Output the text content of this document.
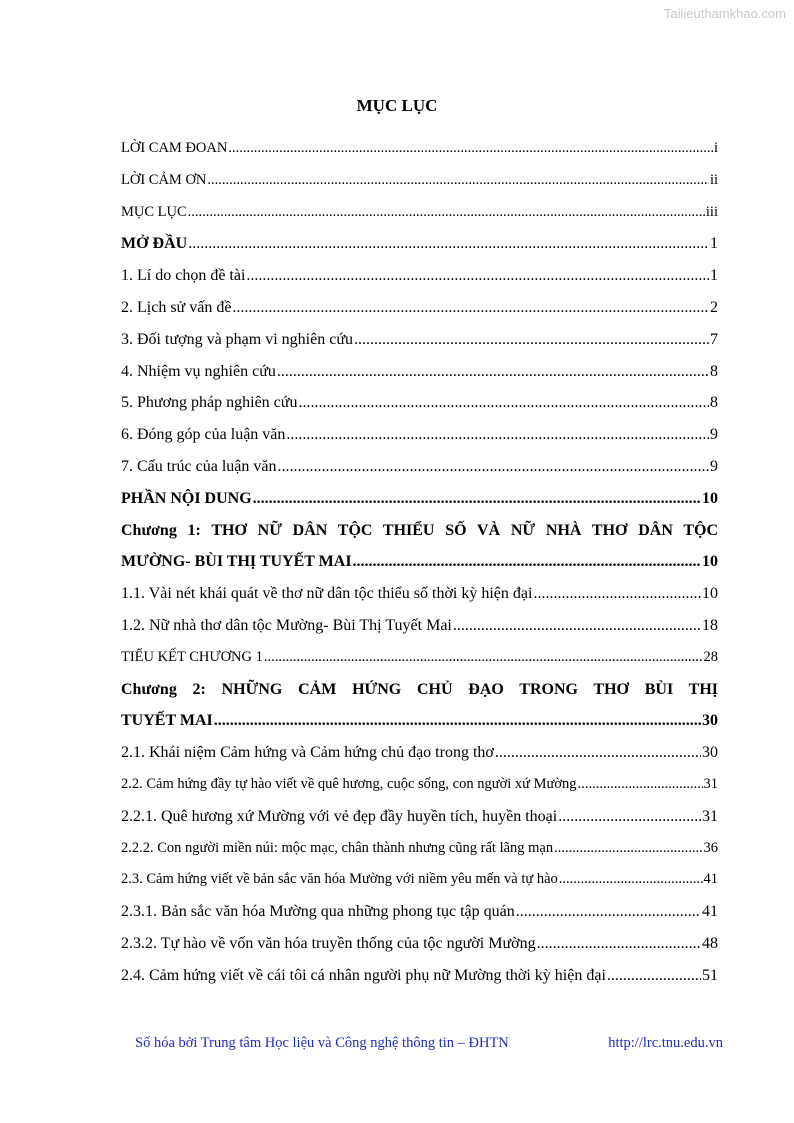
Tailieuthamkhao.com
MỤC LỤC
LỜI CAM ĐOAN .....	i
LỜI CẢM ƠN .....	ii
MỤC LỤC .....	iii
MỞ ĐẦU .....	1
1. Lí do chọn đề tài .....	1
2. Lịch sử vấn đề .....	2
3. Đối tượng và phạm vi nghiên cứu .....	7
4. Nhiệm vụ nghiên cứu .....	8
5. Phương pháp nghiên cứu .....	8
6. Đóng góp của luận văn .....	9
7. Cấu trúc của luận văn .....	9
PHẦN NỘI DUNG .....	10
Chương 1: THƠ NỮ DÂN TỘC THIỂU SỐ VÀ NỮ NHÀ THƠ DÂN TỘC
MƯỜNG- BÙI THỊ TUYẾT MAI .....	10
1.1. Vài nét khái quát về thơ nữ dân tộc thiểu số thời kỳ hiện đại .....	10
1.2. Nữ nhà thơ dân tộc Mường- Bùi Thị Tuyết Mai .....	18
TIỂU KẾT CHƯƠNG 1 .....	28
Chương 2: NHỮNG CẢM HỨNG CHỦ ĐẠO TRONG THƠ BÙI THỊ
TUYẾT MAI .....	30
2.1. Khái niệm Cảm hứng và Cảm hứng chủ đạo trong thơ .....	30
2.2. Cảm hứng đầy tự hào viết về quê hương, cuộc sống, con người xứ Mường .....	31
2.2.1. Quê hương xứ Mường với vẻ đẹp đầy huyền tích, huyền thoại .....	31
2.2.2. Con người miền núi: mộc mạc, chân thành nhưng cũng rất lãng mạn .....	36
2.3. Cảm hứng viết về bản sắc văn hóa Mường với niềm yêu mến và tự hào .....	41
2.3.1. Bản sắc văn hóa Mường qua những phong tục tập quán .....	41
2.3.2. Tự hào về vốn văn hóa truyền thống của tộc người Mường .....	48
2.4. Cảm hứng viết về cái tôi cá nhân người phụ nữ Mường thời kỳ hiện đại .....	51
Số hóa bởi Trung tâm Học liệu và Công nghệ thông tin – ĐHTN	http://lrc.tnu.edu.vn
